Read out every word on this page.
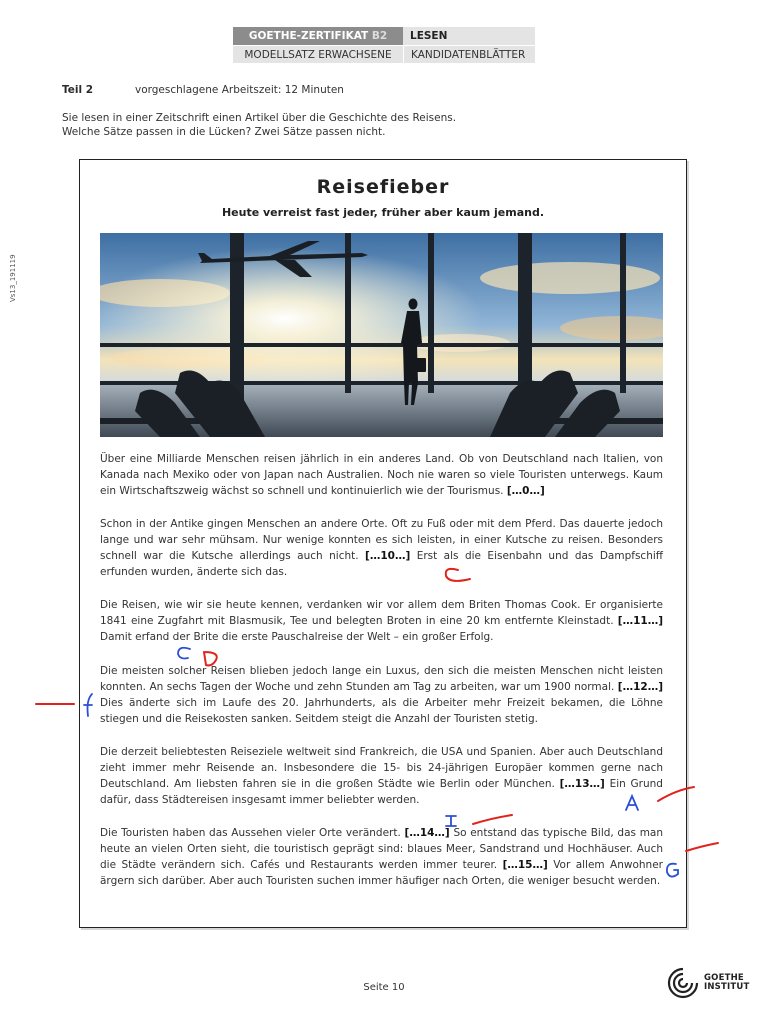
GOETHE-ZERTIFIKAT B2	LESEN
MODELLSATZ ERWACHSENE	KANDIDATENBLÄTTER
Teil 2	vorgeschlagene Arbeitszeit: 12 Minuten
Sie lesen in einer Zeitschrift einen Artikel über die Geschichte des Reisens.
Welche Sätze passen in die Lücken? Zwei Sätze passen nicht.
Vs13_191119
Reisefieber
Heute verreist fast jeder, früher aber kaum jemand.
Über eine Milliarde Menschen reisen jährlich in ein anderes Land. Ob von Deutschland nach Italien, von Kanada nach Mexiko oder von Japan nach Australien. Noch nie waren so viele Touristen unterwegs. Kaum ein Wirtschaftszweig wächst so schnell und kontinuierlich wie der Tourismus. […0…]
Schon in der Antike gingen Menschen an andere Orte. Oft zu Fuß oder mit dem Pferd. Das dauerte jedoch lange und war sehr mühsam. Nur wenige konnten es sich leisten, in einer Kutsche zu reisen. Besonders schnell war die Kutsche allerdings auch nicht. […10…] Erst als die Eisenbahn und das Dampfschiff erfunden wurden, änderte sich das.
Die Reisen, wie wir sie heute kennen, verdanken wir vor allem dem Briten Thomas Cook. Er organisierte 1841 eine Zugfahrt mit Blasmusik, Tee und belegten Broten in eine 20 km entfernte Kleinstadt. […11…] Damit erfand der Brite die erste Pauschalreise der Welt – ein großer Erfolg.
Die meisten solcher Reisen blieben jedoch lange ein Luxus, den sich die meisten Menschen nicht leisten konnten. An sechs Tagen der Woche und zehn Stunden am Tag zu arbeiten, war um 1900 normal. […12…] Dies änderte sich im Laufe des 20. Jahrhunderts, als die Arbeiter mehr Freizeit bekamen, die Löhne stiegen und die Reisekosten sanken. Seitdem steigt die Anzahl der Touristen stetig.
Die derzeit beliebtesten Reiseziele weltweit sind Frankreich, die USA und Spanien. Aber auch Deutschland zieht immer mehr Reisende an. Insbesondere die 15- bis 24-jährigen Europäer kommen gerne nach Deutschland. Am liebsten fahren sie in die großen Städte wie Berlin oder München. […13…] Ein Grund dafür, dass Städtereisen insgesamt immer beliebter werden.
Die Touristen haben das Aussehen vieler Orte verändert. […14…] So entstand das typische Bild, das man heute an vielen Orten sieht, die touristisch geprägt sind: blaues Meer, Sandstrand und Hochhäuser. Auch die Städte verändern sich. Cafés und Restaurants werden immer teurer. […15…] Vor allem Anwohner ärgern sich darüber. Aber auch Touristen suchen immer häufiger nach Orten, die weniger besucht werden.
Seite 10
GOETHE
INSTITUT
